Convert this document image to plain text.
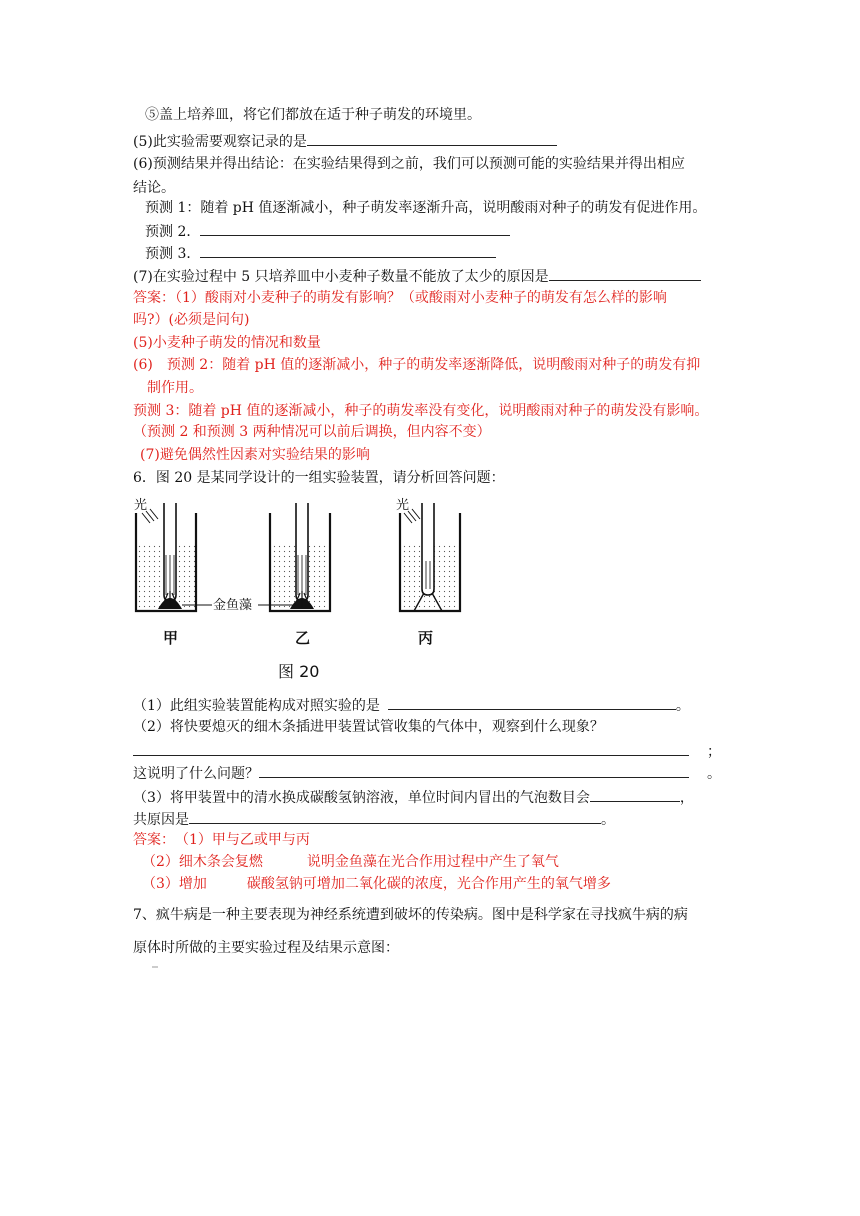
⑤盖上培养皿，将它们都放在适于种子萌发的环境里。
(5)此实验需要观察记录的是
(6)预测结果并得出结论：在实验结果得到之前，我们可以预测可能的实验结果并得出相应
结论。
预测 1：随着 pH 值逐渐减小，种子萌发率逐渐升高，说明酸雨对种子的萌发有促进作用。
预测 2．
预测 3．
(7)在实验过程中 5 只培养皿中小麦种子数量不能放了太少的原因是
答案：（1）酸雨对小麦种子的萌发有影响？（或酸雨对小麦种子的萌发有怎么样的影响
吗?）(必须是问句)
(5)小麦种子萌发的情况和数量
(6)　预测 2：随着 pH 值的逐渐减小，种子的萌发率逐渐降低，说明酸雨对种子的萌发有抑
制作用。
预测 3：随着 pH 值的逐渐减小，种子的萌发率没有变化，说明酸雨对种子的萌发没有影响。
（预测 2 和预测 3 两种情况可以前后调换，但内容不变）
(7)避免偶然性因素对实验结果的影响
6．图 20 是某同学设计的一组实验装置，请分析回答问题：
光	光
金鱼藻
甲	乙	丙
图 20
（1）此组实验装置能构成对照实验的是	。
（2）将快要熄灭的细木条插进甲装置试管收集的气体中，观察到什么现象？
；
这说明了什么问题？	。
（3）将甲装置中的清水换成碳酸氢钠溶液，单位时间内冒出的气泡数目会	，
共原因是	。
答案：　（1）甲与乙或甲与丙
（2）细木条会复燃	说明金鱼藻在光合作用过程中产生了氧气
（3）增加	碳酸氢钠可增加二氧化碳的浓度，光合作用产生的氧气增多
7、疯牛病是一种主要表现为神经系统遭到破坏的传染病。图中是科学家在寻找疯牛病的病
原体时所做的主要实验过程及结果示意图：
